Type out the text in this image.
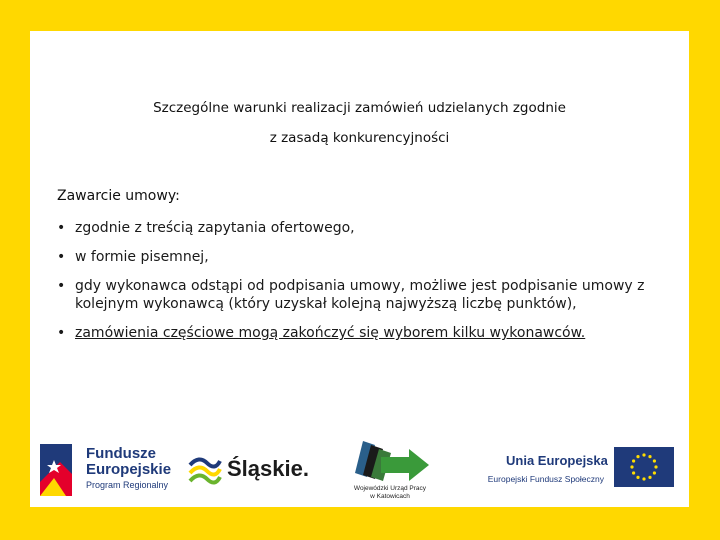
Szczególne warunki realizacji zamówień udzielanych zgodnie
z zasadą konkurencyjności
Zawarcie umowy:
• zgodnie z treścią zapytania ofertowego,
• w formie pisemnej,
• gdy wykonawca odstąpi od podpisania umowy, możliwe jest podpisanie umowy z kolejnym wykonawcą (który uzyskał kolejną najwyższą liczbę punktów),
• zamówienia częściowe mogą zakończyć się wyborem kilku wykonawców.
Fundusze
Europejskie
Program Regionalny
Śląskie.
Wojewódzki Urząd Pracy
w Katowicach
Unia Europejska
Europejski Fundusz Społeczny
